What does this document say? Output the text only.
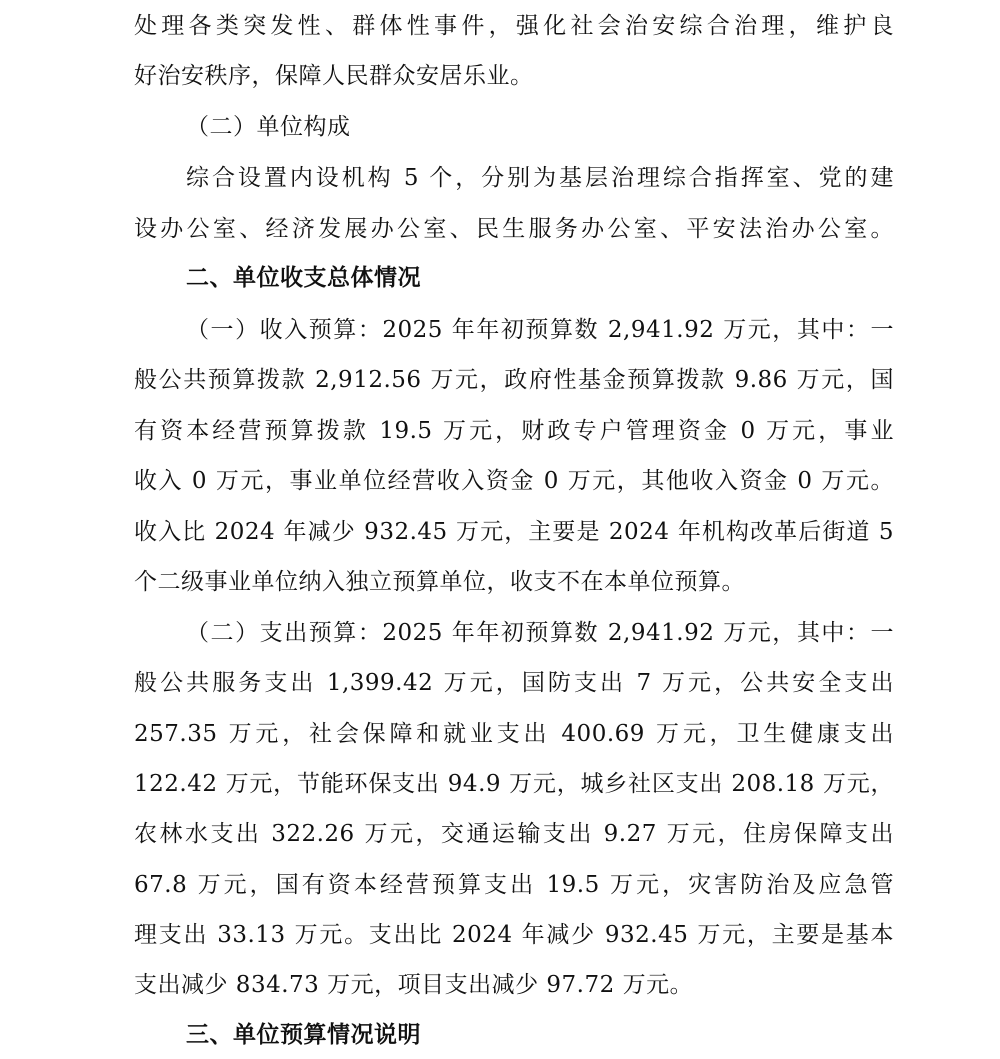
处理各类突发性、群体性事件，强化社会治安综合治理，维护良
好治安秩序，保障人民群众安居乐业。
（二）单位构成
综合设置内设机构 5 个，分别为基层治理综合指挥室、党的建
设办公室、经济发展办公室、民生服务办公室、平安法治办公室。
二、单位收支总体情况
（一）收入预算：2025 年年初预算数 2,941.92 万元，其中：一
般公共预算拨款 2,912.56 万元，政府性基金预算拨款 9.86 万元，国
有资本经营预算拨款 19.5 万元，财政专户管理资金 0 万元，事业
收入 0 万元，事业单位经营收入资金 0 万元，其他收入资金 0 万元。
收入比 2024 年减少 932.45 万元，主要是 2024 年机构改革后街道 5
个二级事业单位纳入独立预算单位，收支不在本单位预算。
（二）支出预算：2025 年年初预算数 2,941.92 万元，其中：一
般公共服务支出 1,399.42 万元，国防支出 7 万元，公共安全支出
257.35 万元，社会保障和就业支出 400.69 万元，卫生健康支出
122.42 万元，节能环保支出 94.9 万元，城乡社区支出 208.18 万元，
农林水支出 322.26 万元，交通运输支出 9.27 万元，住房保障支出
67.8 万元，国有资本经营预算支出 19.5 万元，灾害防治及应急管
理支出 33.13 万元。支出比 2024 年减少 932.45 万元，主要是基本
支出减少 834.73 万元，项目支出减少 97.72 万元。
三、单位预算情况说明
